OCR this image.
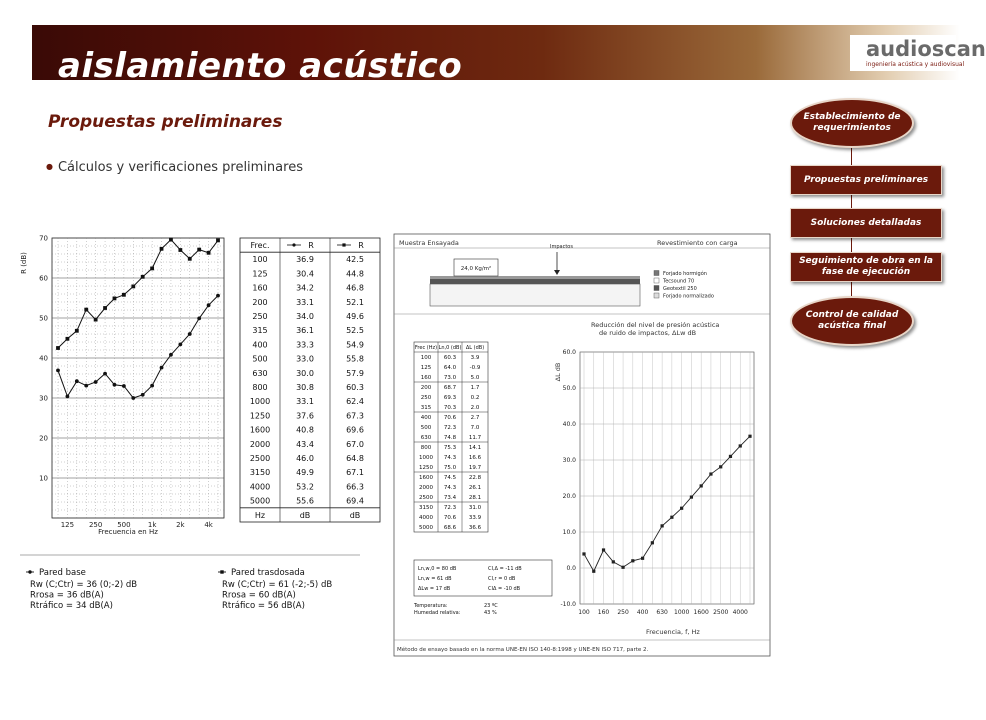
aislamiento acústico	audioscan
ingeniería acústica y audiovisual
Propuestas preliminares
● Cálculos y verificaciones preliminares
Establecimiento de requerimientos
Propuestas preliminares
Soluciones detalladas
Seguimiento de obra en la fase de ejecución
Control de calidad acústica final
10
20
30
40
50
60
70
125 250 500 1k	2k	4k
R (dB)
Frecuencia en Hz
Frec.	R	R
100	36.9	42.5
125	30.4	44.8
160	34.2	46.8
200	33.1	52.1
250	34.0	49.6
315	36.1	52.5
400	33.3	54.9
500	33.0	55.8
630	30.0	57.9
800	30.8	60.3
1000	33.1	62.4
1250	37.6	67.3
1600	40.8	69.6
2000	43.4	67.0
2500	46.0	64.8
3150	49.9	67.1
4000	53.2	66.3
5000	55.6	69.4
Hz	dB	dB
Pared base
Rw (C;Ctr) = 36 (0;-2) dB
Rrosa = 36 dB(A)
Rtráfico = 34 dB(A)
Pared trasdosada
Rw (C;Ctr) = 61 (-2;-5) dB
Rrosa = 60 dB(A)
Rtráfico = 56 dB(A)
Muestra Ensayada	Revestimiento con carga
24,0 Kg/m²
Impactos
Forjado hormigón
Tecsound 70
Geotextil 250
Forjado normalizado
Frec (Hz) Ln,0 (dB) ΔL (dB)
100 60.3	3.9
125 64.0 -0.9
160 73.0	5.0
200 68.7	1.7
250 69.3	0.2
315 70.3	2.0
400 70.6	2.7
500 72.3	7.0
630 74.8 11.7
800 75.3 14.1
1000 74.3 16.6
1250 75.0 19.7
1600 74.5 22.8
2000 74.3 26.1
2500 73.4 28.1
3150 72.3 31.0
4000 70.6 33.9
5000 68.6 36.6
Ln,w,0 = 80 dB	CI,Δ = -11 dB
Ln,w = 61 dB	CI,r = 0 dB
ΔLw = 17 dB	CIΔ = -10 dB
Temperatura:	23 ºC
Humedad relativa:	43 %
-10.0
0.0
10.0
20.0
30.0
40.0
50.0
60.0
100 160 250 400 630 1000 1600 2500 4000
Reducción del nivel de presión acústica de ruido de impactos, ΔLw dB
Frecuencia, f, Hz
ΔL dB
Método de ensayo basado en la norma UNE-EN ISO 140-8:1998 y UNE-EN ISO 717, parte 2.
